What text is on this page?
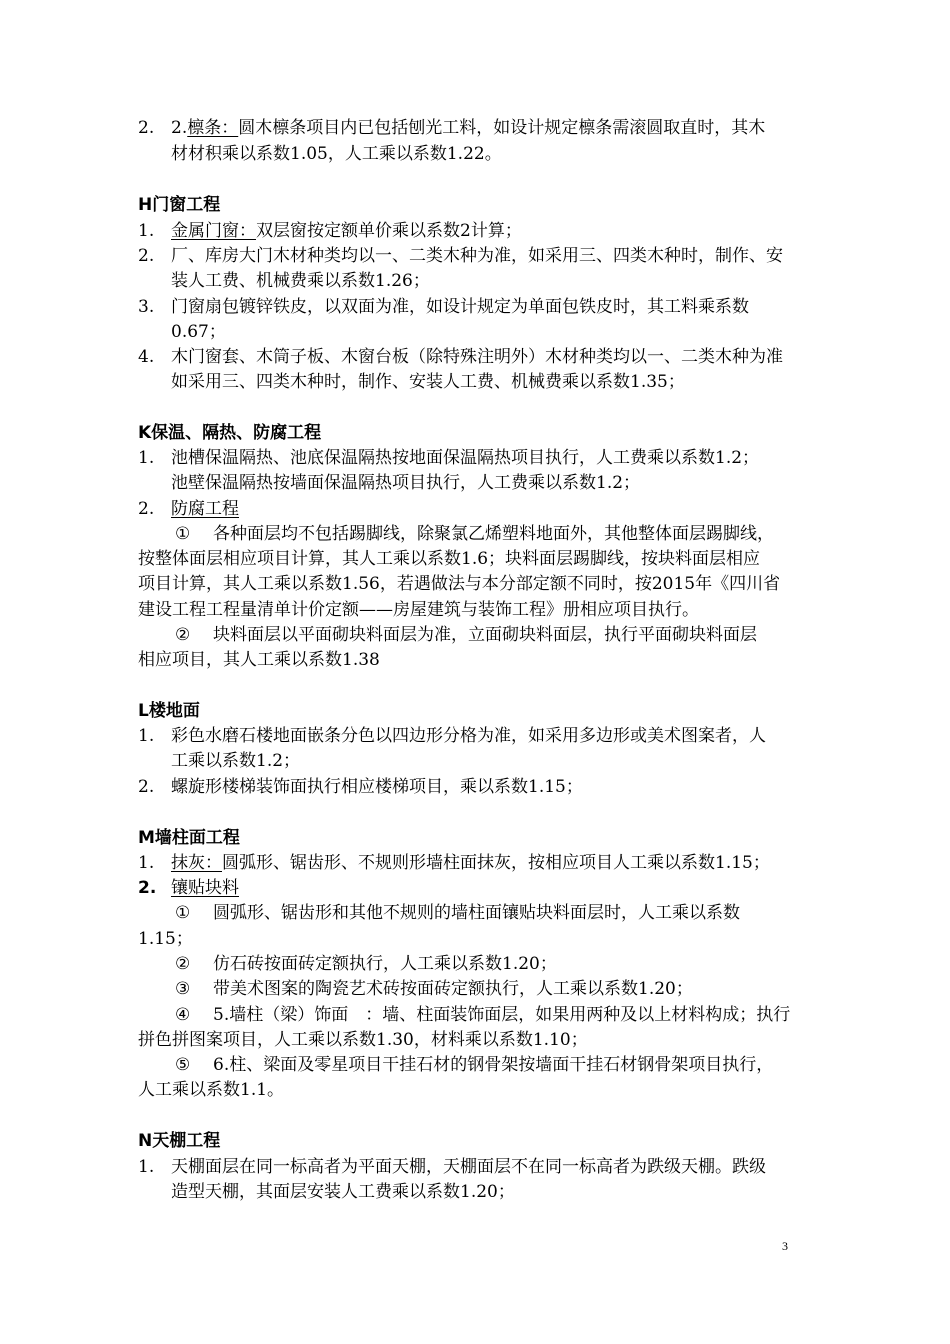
2. 2.檩条：圆木檩条项目内已包括刨光工料，如设计规定檩条需滚圆取直时，其木
材材积乘以系数1.05，人工乘以系数1.22。
H门窗工程
1. 金属门窗：双层窗按定额单价乘以系数2计算；
2. 厂、库房大门木材种类均以一、二类木种为准，如采用三、四类木种时，制作、安
装人工费、机械费乘以系数1.26；
3. 门窗扇包镀锌铁皮，以双面为准，如设计规定为单面包铁皮时，其工料乘系数
0.67；
4. 木门窗套、木筒子板、木窗台板（除特殊注明外）木材种类均以一、二类木种为准
如采用三、四类木种时，制作、安装人工费、机械费乘以系数1.35；
K保温、隔热、防腐工程
1. 池槽保温隔热、池底保温隔热按地面保温隔热项目执行，人工费乘以系数1.2；
池壁保温隔热按墙面保温隔热项目执行，人工费乘以系数1.2；
2. 防腐工程
① 各种面层均不包括踢脚线，除聚氯乙烯塑料地面外，其他整体面层踢脚线，
按整体面层相应项目计算，其人工乘以系数1.6；块料面层踢脚线，按块料面层相应
项目计算，其人工乘以系数1.56，若遇做法与本分部定额不同时，按2015年《四川省
建设工程工程量清单计价定额——房屋建筑与装饰工程》册相应项目执行。
② 块料面层以平面砌块料面层为准，立面砌块料面层，执行平面砌块料面层
相应项目，其人工乘以系数1.38
L楼地面
1. 彩色水磨石楼地面嵌条分色以四边形分格为准，如采用多边形或美术图案者，人
工乘以系数1.2；
2. 螺旋形楼梯装饰面执行相应楼梯项目，乘以系数1.15；
M墙柱面工程
1. 抹灰：圆弧形、锯齿形、不规则形墙柱面抹灰，按相应项目人工乘以系数1.15；
2. 镶贴块料
① 圆弧形、锯齿形和其他不规则的墙柱面镶贴块料面层时，人工乘以系数
1.15；
② 仿石砖按面砖定额执行，人工乘以系数1.20；
③ 带美术图案的陶瓷艺术砖按面砖定额执行，人工乘以系数1.20；
④ 5.墙柱（梁）饰面　：墙、柱面装饰面层，如果用两种及以上材料构成；执行
拼色拼图案项目，人工乘以系数1.30，材料乘以系数1.10；
⑤ 6.柱、梁面及零星项目干挂石材的钢骨架按墙面干挂石材钢骨架项目执行，
人工乘以系数1.1。
N天棚工程
1. 天棚面层在同一标高者为平面天棚，天棚面层不在同一标高者为跌级天棚。跌级
造型天棚，其面层安装人工费乘以系数1.20；
3
